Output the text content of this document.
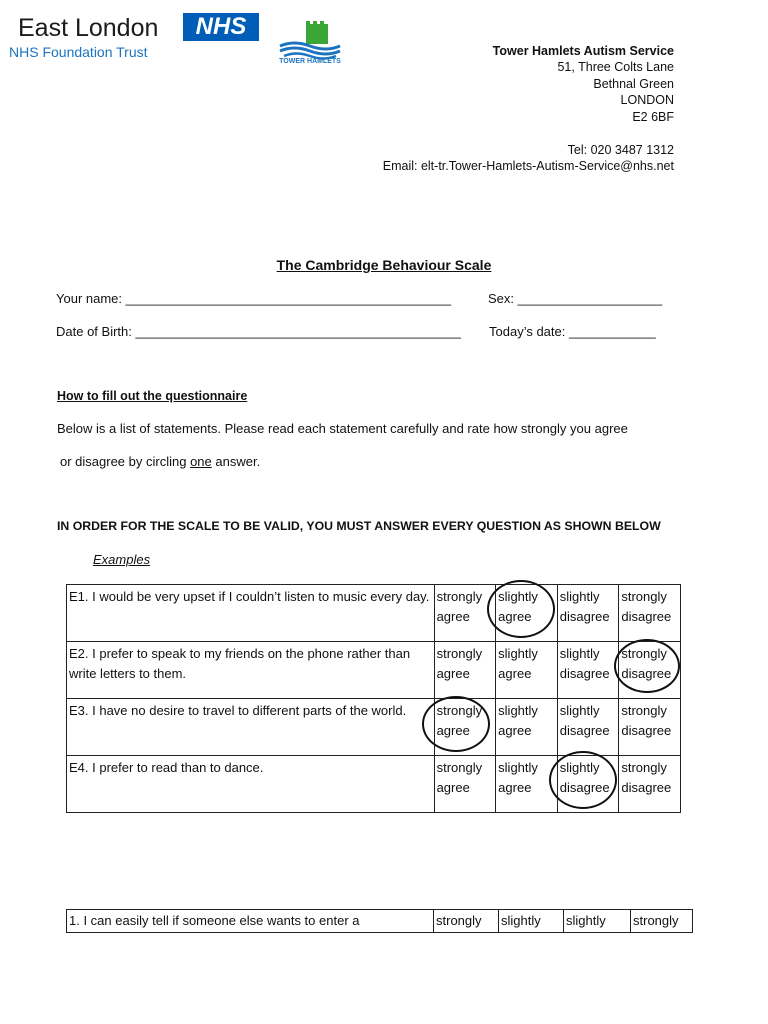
East London	NHS
NHS Foundation Trust
TOWER HAMLETS
Tower Hamlets Autism Service
51, Three Colts Lane
Bethnal Green
LONDON
E2 6BF
Tel: 020 3487 1312
Email: elt-tr.Tower-Hamlets-Autism-Service@nhs.net
The Cambridge Behaviour Scale
Your name: _____________________________________________	Sex: ____________________
Date of Birth: _____________________________________________ Today’s date: ____________
How to fill out the questionnaire
Below is a list of statements. Please read each statement carefully and rate how strongly you agree
or disagree by circling one answer.
IN ORDER FOR THE SCALE TO BE VALID, YOU MUST ANSWER EVERY QUESTION AS SHOWN BELOW
Examples
E1. I would be very upset if I couldn’t listen to music every day.	strongly agree	slightly agree	slightly disagree	strongly disagree
E2. I prefer to speak to my friends on the phone rather than write letters to them.	strongly agree	slightly agree	slightly disagree	strongly disagree
E3. I have no desire to travel to different parts of the world.	strongly agree	slightly agree	slightly disagree	strongly disagree
E4. I prefer to read than to dance.	strongly agree	slightly agree	slightly disagree	strongly disagree
1. I can easily tell if someone else wants to enter a	strongly	slightly	slightly	strongly
